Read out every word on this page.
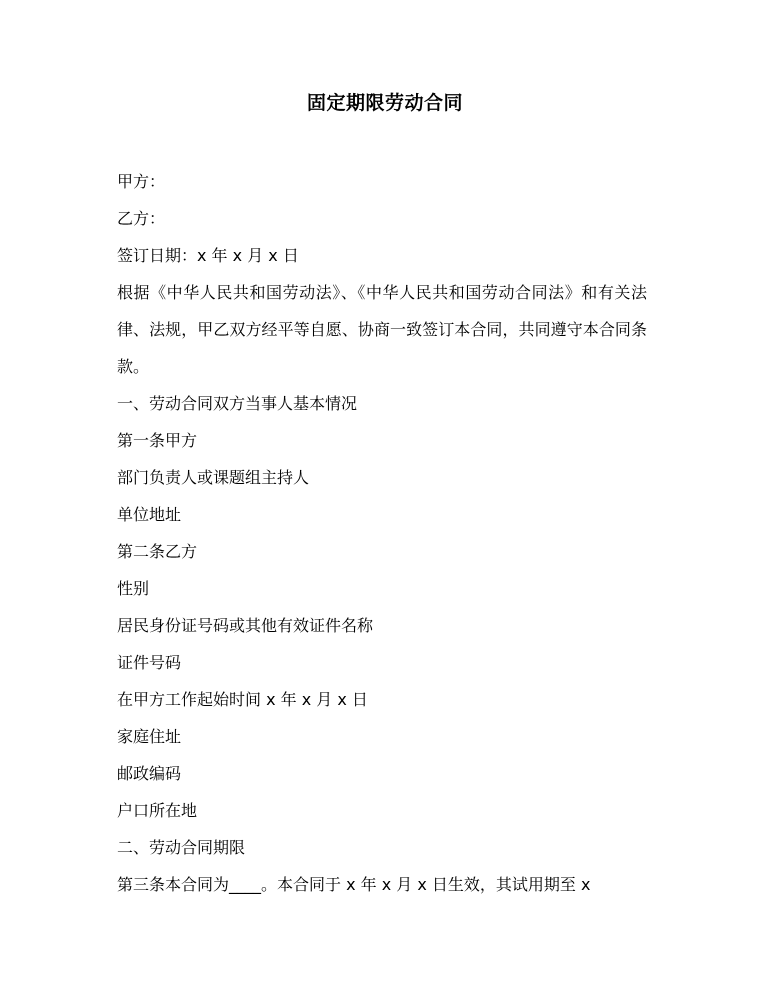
固定期限劳动合同
甲方：
乙方：
签订日期：x 年 x 月 x 日
根据《中华人民共和国劳动法》、《中华人民共和国劳动合同法》和有关法律、法规，甲乙双方经平等自愿、协商一致签订本合同，共同遵守本合同条款。
一、劳动合同双方当事人基本情况
第一条甲方
部门负责人或课题组主持人
单位地址
第二条乙方
性别
居民身份证号码或其他有效证件名称
证件号码
在甲方工作起始时间 x 年 x 月 x 日
家庭住址
邮政编码
户口所在地
二、劳动合同期限
第三条本合同为____。本合同于 x 年 x 月 x 日生效，其试用期至 x
